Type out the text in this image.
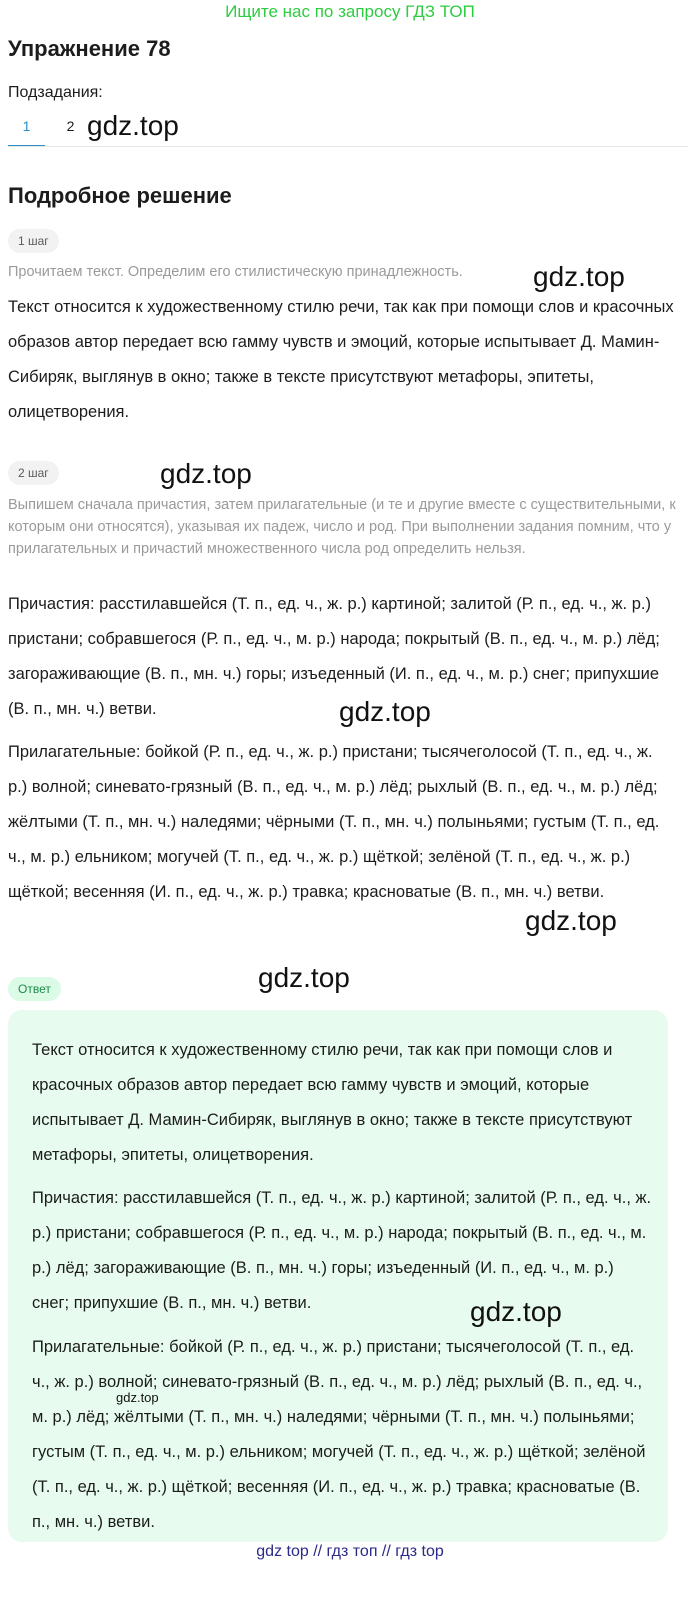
Ищите нас по запросу ГДЗ ТОП
Упражнение 78
Подзадания:
1	2
Подробное решение
1 шаг
Прочитаем текст. Определим его стилистическую принадлежность.
Текст относится к художественному стилю речи, так как при помощи слов и красочных образов автор передает всю гамму чувств и эмоций, которые испытывает Д. Мамин-Сибиряк, выглянув в окно; также в тексте присутствуют метафоры, эпитеты, олицетворения.
2 шаг
Выпишем сначала причастия, затем прилагательные (и те и другие вместе с существительными, к которым они относятся), указывая их падеж, число и род. При выполнении задания помним, что у прилагательных и причастий множественного числа род определить нельзя.
Причастия: расстилавшейся (Т. п., ед. ч., ж. р.) картиной; залитой (Р. п., ед. ч., ж. р.) пристани; собравшегося (Р. п., ед. ч., м. р.) народа; покрытый (В. п., ед. ч., м. р.) лёд; загораживающие (В. п., мн. ч.) горы; изъеденный (И. п., ед. ч., м. р.) снег; припухшие (В. п., мн. ч.) ветви.
Прилагательные: бойкой (Р. п., ед. ч., ж. р.) пристани; тысячеголосой (Т. п., ед. ч., ж. р.) волной; синевато-грязный (В. п., ед. ч., м. р.) лёд; рыхлый (В. п., ед. ч., м. р.) лёд; жёлтыми (Т. п., мн. ч.) наледями; чёрными (Т. п., мн. ч.) полыньями; густым (Т. п., ед. ч., м. р.) ельником; могучей (Т. п., ед. ч., ж. р.) щёткой; зелёной (Т. п., ед. ч., ж. р.) щёткой; весенняя (И. п., ед. ч., ж. р.) травка; красноватые (В. п., мн. ч.) ветви.
Ответ
Текст относится к художественному стилю речи, так как при помощи слов и красочных образов автор передает всю гамму чувств и эмоций, которые испытывает Д. Мамин-Сибиряк, выглянув в окно; также в тексте присутствуют метафоры, эпитеты, олицетворения.
Причастия: расстилавшейся (Т. п., ед. ч., ж. р.) картиной; залитой (Р. п., ед. ч., ж. р.) пристани; собравшегося (Р. п., ед. ч., м. р.) народа; покрытый (В. п., ед. ч., м. р.) лёд; загораживающие (В. п., мн. ч.) горы; изъеденный (И. п., ед. ч., м. р.) снег; припухшие (В. п., мн. ч.) ветви.
Прилагательные: бойкой (Р. п., ед. ч., ж. р.) пристани; тысячеголосой (Т. п., ед. ч., ж. р.) волной; синевато-грязный (В. п., ед. ч., м. р.) лёд; рыхлый (В. п., ед. ч., м. р.) лёд; жёлтыми (Т. п., мн. ч.) наледями; чёрными (Т. п., мн. ч.) полыньями; густым (Т. п., ед. ч., м. р.) ельником; могучей (Т. п., ед. ч., ж. р.) щёткой; зелёной (Т. п., ед. ч., ж. р.) щёткой; весенняя (И. п., ед. ч., ж. р.) травка; красноватые (В. п., мн. ч.) ветви.
gdz.top
gdz.top
gdz.top
gdz.top
gdz.top
gdz.top
gdz.top
gdz.top
gdz top // гдз топ // гдз top
